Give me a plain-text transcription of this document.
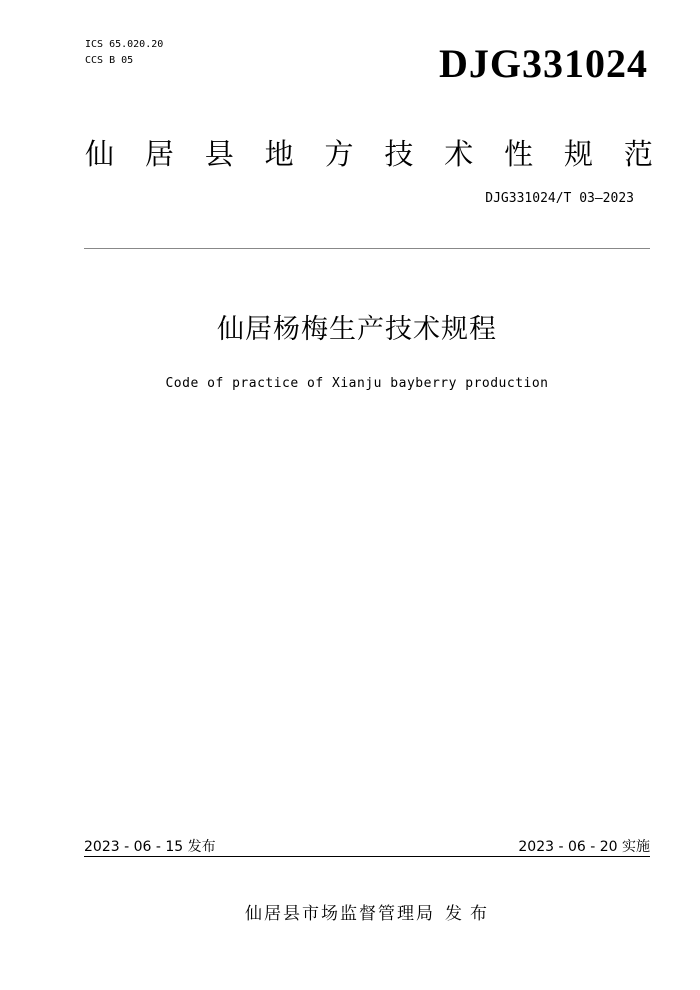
ICS 65.020.20
CCS B 05	DJG331024
仙 居 县 地 方 技 术 性 规 范
DJG331024/T 03—2023
仙居杨梅生产技术规程
Code of practice of Xianju bayberry production
2023 - 06 - 15 发布	2023 - 06 - 20 实施
仙居县市场监督管理局 发布
